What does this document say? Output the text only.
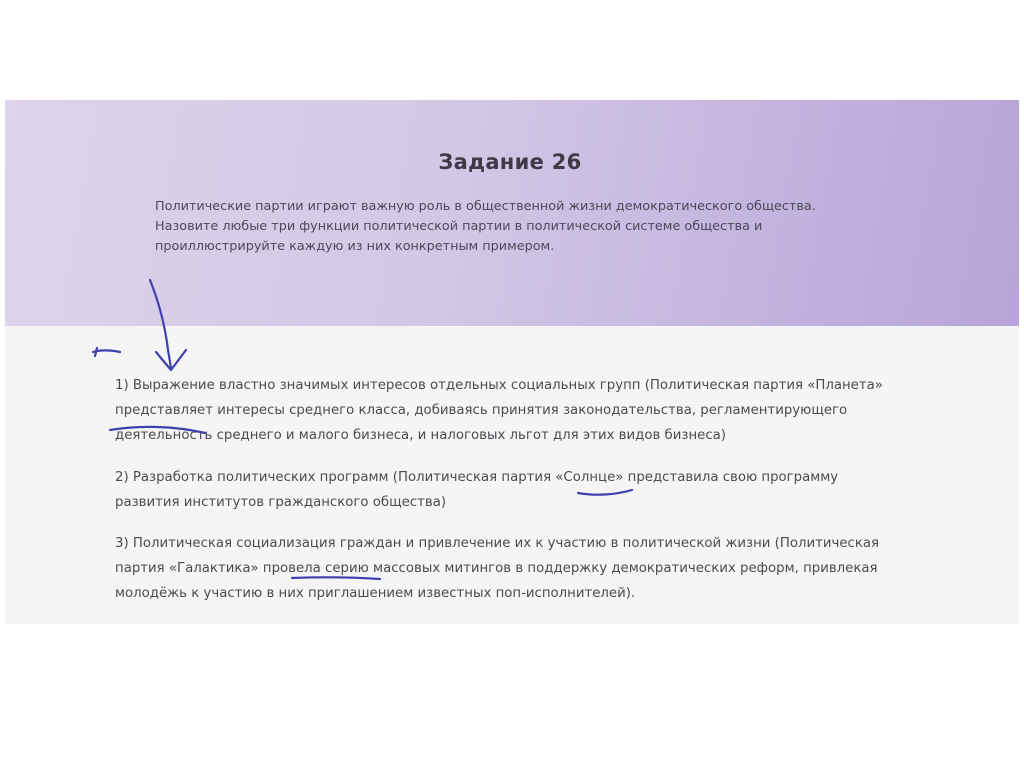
Задание 26

Политические партии играют важную роль в общественной жизни демократического общества. Назовите любые три функции политической партии в политической системе общества и проиллюстрируйте каждую из них конкретным примером.

1) Выражение властно значимых интересов отдельных социальных групп (Политическая партия «Планета» представляет интересы среднего класса, добиваясь принятия законодательства, регламентирующего деятельность среднего и малого бизнеса, и налоговых льгот для этих видов бизнеса)

2) Разработка политических программ (Политическая партия «Солнце» представила свою программу развития институтов гражданского общества)

3) Политическая социализация граждан и привлечение их к участию в политической жизни (Политическая партия «Галактика» провела серию массовых митингов в поддержку демократических реформ, привлекая молодёжь к участию в них приглашением известных поп-исполнителей).
